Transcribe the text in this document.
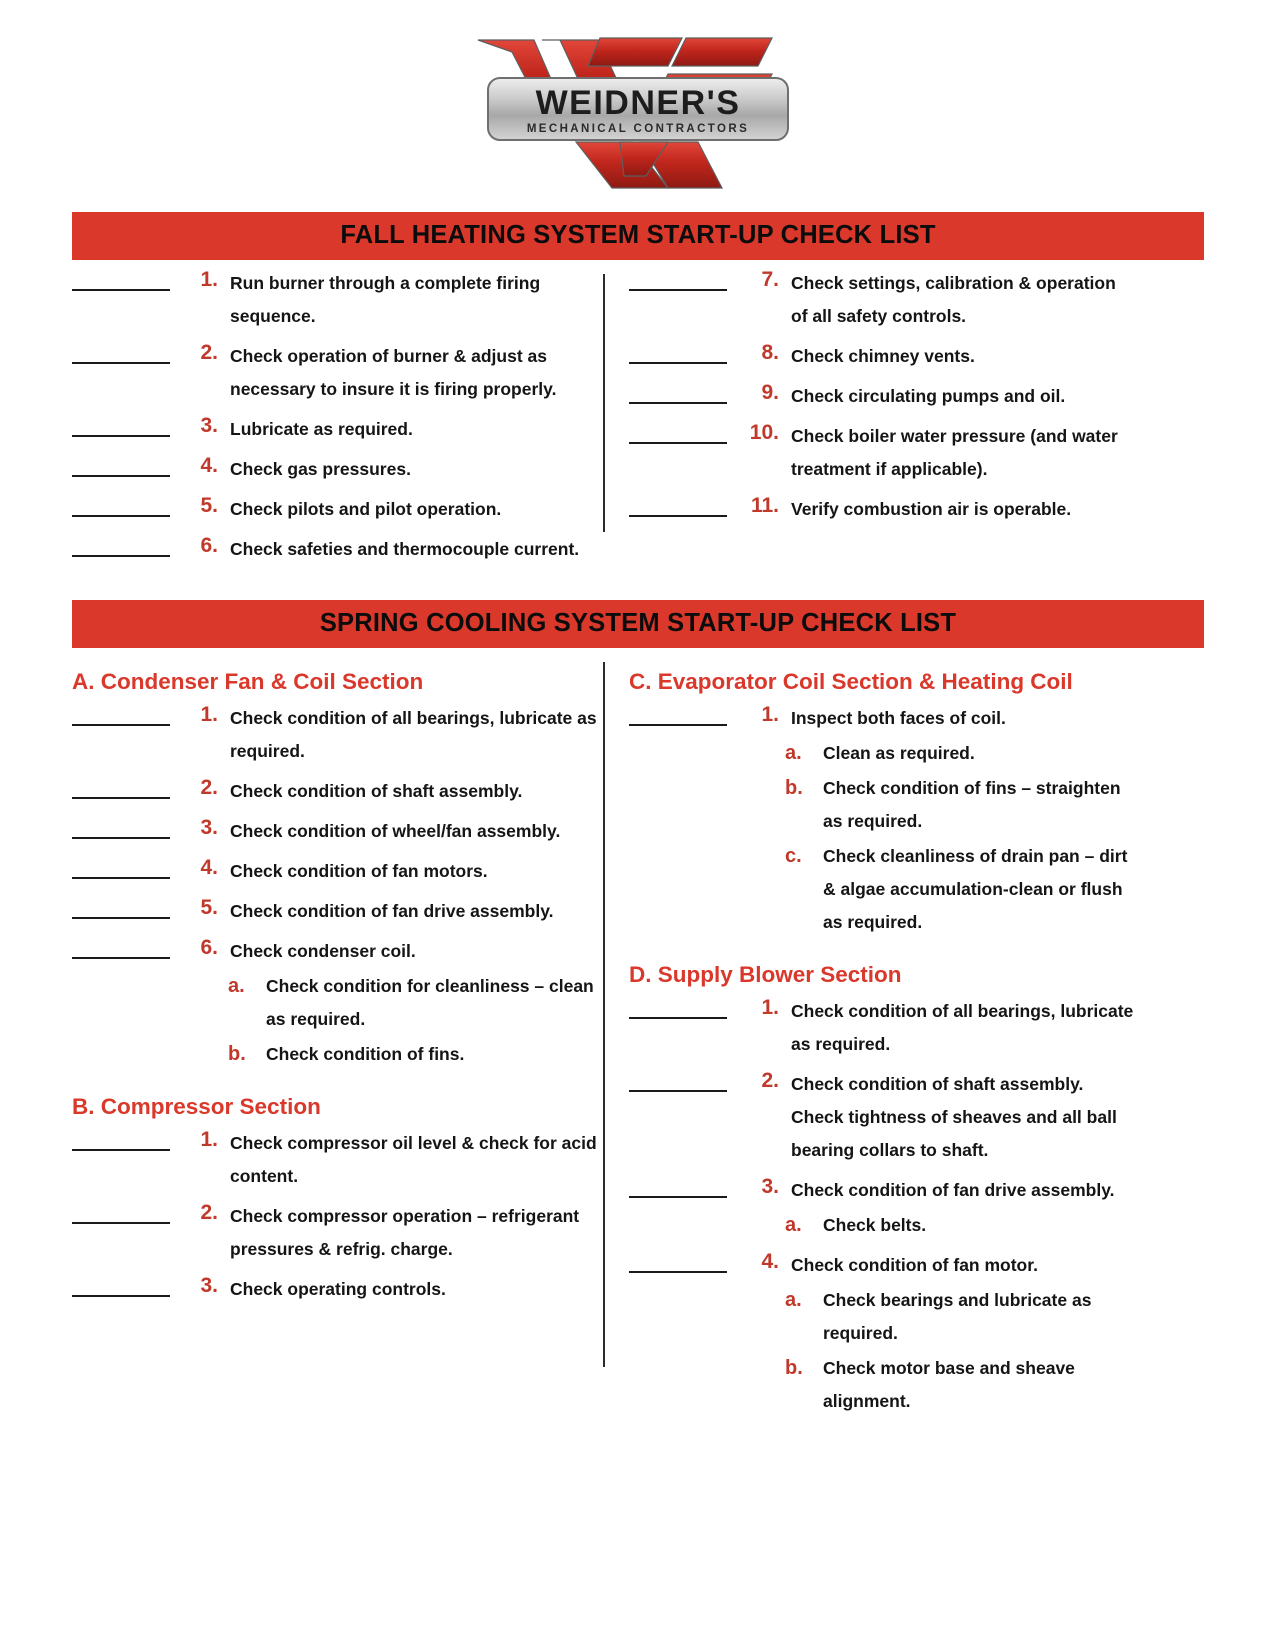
WEIDNER'S
MECHANICAL CONTRACTORS
FALL HEATING SYSTEM START-UP CHECK LIST
1. Run burner through a complete firing sequence.
2. Check operation of burner & adjust as necessary to insure it is firing properly.
3. Lubricate as required.
4. Check gas pressures.
5. Check pilots and pilot operation.
6. Check safeties and thermocouple current.
7. Check settings, calibration & operation of all safety controls.
8. Check chimney vents.
9. Check circulating pumps and oil.
10. Check boiler water pressure (and water treatment if applicable).
11. Verify combustion air is operable.
SPRING COOLING SYSTEM START-UP CHECK LIST
A. Condenser Fan & Coil Section
1. Check condition of all bearings, lubricate as required.
2. Check condition of shaft assembly.
3. Check condition of wheel/fan assembly.
4. Check condition of fan motors.
5. Check condition of fan drive assembly.
6. Check condenser coil.
a.	Check condition for cleanliness – clean as required.
b.	Check condition of fins.
B. Compressor Section
1. Check compressor oil level & check for acid content.
2. Check compressor operation – refrigerant pressures & refrig. charge.
3. Check operating controls.
C. Evaporator Coil Section & Heating Coil
1. Inspect both faces of coil.
a.	Clean as required.
b.	Check condition of fins – straighten as required.
c.	Check cleanliness of drain pan – dirt & algae accumulation-clean or flush as required.
D. Supply Blower Section
1. Check condition of all bearings, lubricate as required.
2. Check condition of shaft assembly. Check tightness of sheaves and all ball bearing collars to shaft.
3. Check condition of fan drive assembly.
a.	Check belts.
4. Check condition of fan motor.
a.	Check bearings and lubricate as required.
b.	Check motor base and sheave alignment.
